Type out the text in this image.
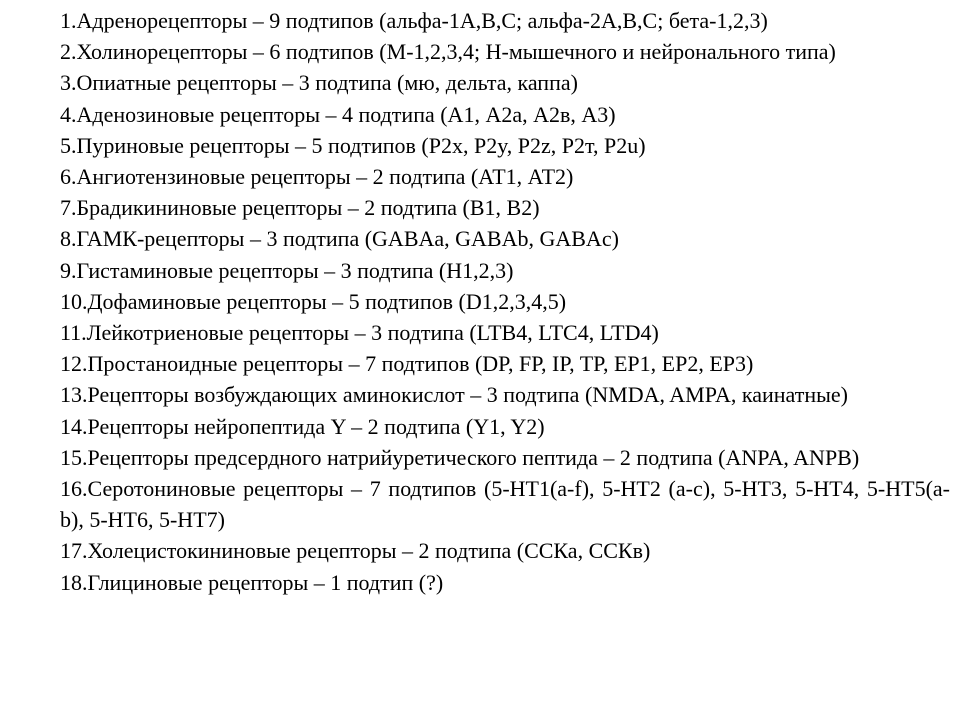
1.Адренорецепторы – 9 подтипов (альфа-1А,В,С; альфа-2А,В,С; бета-1,2,3)
2.Холинорецепторы – 6 подтипов (М-1,2,3,4; Н-мышечного и нейронального типа)
3.Опиатные рецепторы – 3 подтипа (мю, дельта, каппа)
4.Аденозиновые рецепторы – 4 подтипа (А1, А2а, А2в, А3)
5.Пуриновые рецепторы – 5 подтипов (P2x, P2y, P2z, P2т, P2u)
6.Ангиотензиновые рецепторы – 2 подтипа (АТ1, АТ2)
7.Брадикининовые рецепторы – 2 подтипа (B1, B2)
8.ГАМК-рецепторы – 3 подтипа (GABAa, GABAb, GABAc)
9.Гистаминовые рецепторы – 3 подтипа (Н1,2,3)
10.Дофаминовые рецепторы – 5 подтипов (D1,2,3,4,5)
11.Лейкотриеновые рецепторы – 3 подтипа (LTB4, LTC4, LTD4)
12.Простаноидные рецепторы – 7 подтипов (DP, FP, IP, TP, EP1, EP2, EP3)
13.Рецепторы возбуждающих аминокислот – 3 подтипа (NMDA, AMPA, каинатные)
14.Рецепторы нейропептида Y – 2 подтипа (Y1, Y2)
15.Рецепторы предсердного натрийуретического пептида – 2 подтипа (ANPA, ANPB)
16.Серотониновые рецепторы – 7 подтипов (5-НТ1(a-f), 5-НТ2 (а-с), 5-НТ3, 5-НТ4, 5-НТ5(а-b), 5-НТ6, 5-НТ7)
17.Холецистокининовые рецепторы – 2 подтипа (ССКа, ССКв)
18.Глициновые рецепторы – 1 подтип (?)
